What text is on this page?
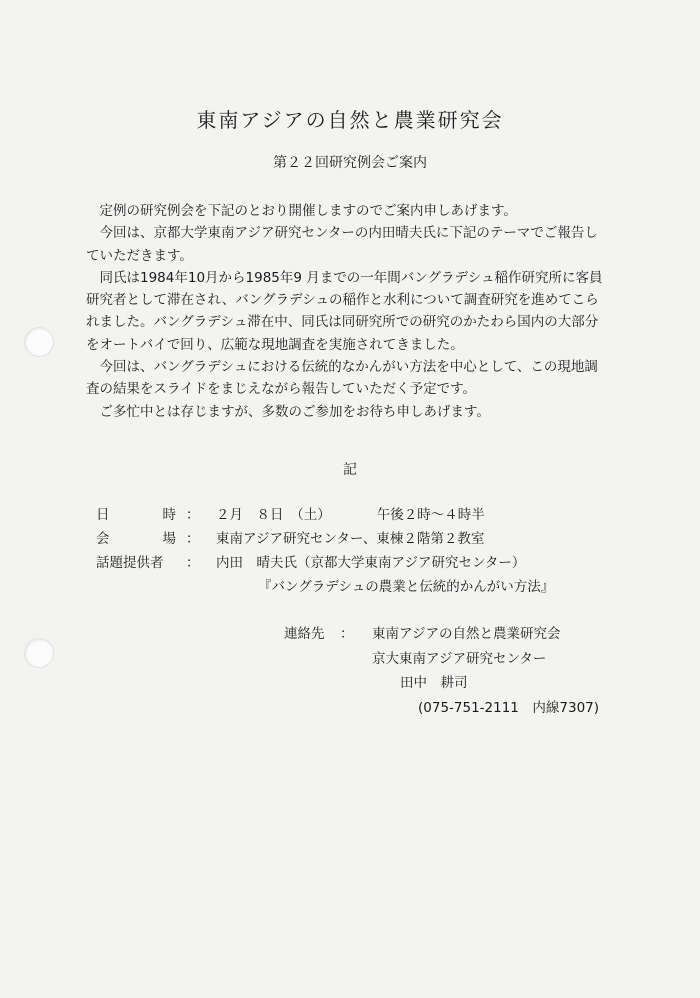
東南アジアの自然と農業研究会
第２２回研究例会ご案内

定例の研究例会を下記のとおり開催しますのでご案内申しあげます。

今回は、京都大学東南アジア研究センターの内田晴夫氏に下記のテーマでご報告していただきます。

同氏は1984年10月から1985年9 月までの一年間バングラデシュ稲作研究所に客員研究者として滞在され、バングラデシュの稲作と水利について調査研究を進めてこられました。バングラデシュ滞在中、同氏は同研究所での研究のかたわら国内の大部分をオートバイで回り、広範な現地調査を実施されてきました。

今回は、バングラデシュにおける伝統的なかんがい方法を中心として、この現地調査の結果をスライドをまじえながら報告していただく予定です。

ご多忙中とは存じますが、多数のご参加をお待ち申しあげます。

記
日	時 ：	２月　８日　（土）	午後２時～４時半
会	場 ：	東南アジア研究センター、東棟２階第２教室
話題提供者	：	内田　晴夫氏（京都大学東南アジア研究センター）
『バングラデシュの農業と伝統的かんがい方法』
連絡先	：	東南アジアの自然と農業研究会
京大東南アジア研究センター
田中　耕司
(075-751-2111　内線7307)
